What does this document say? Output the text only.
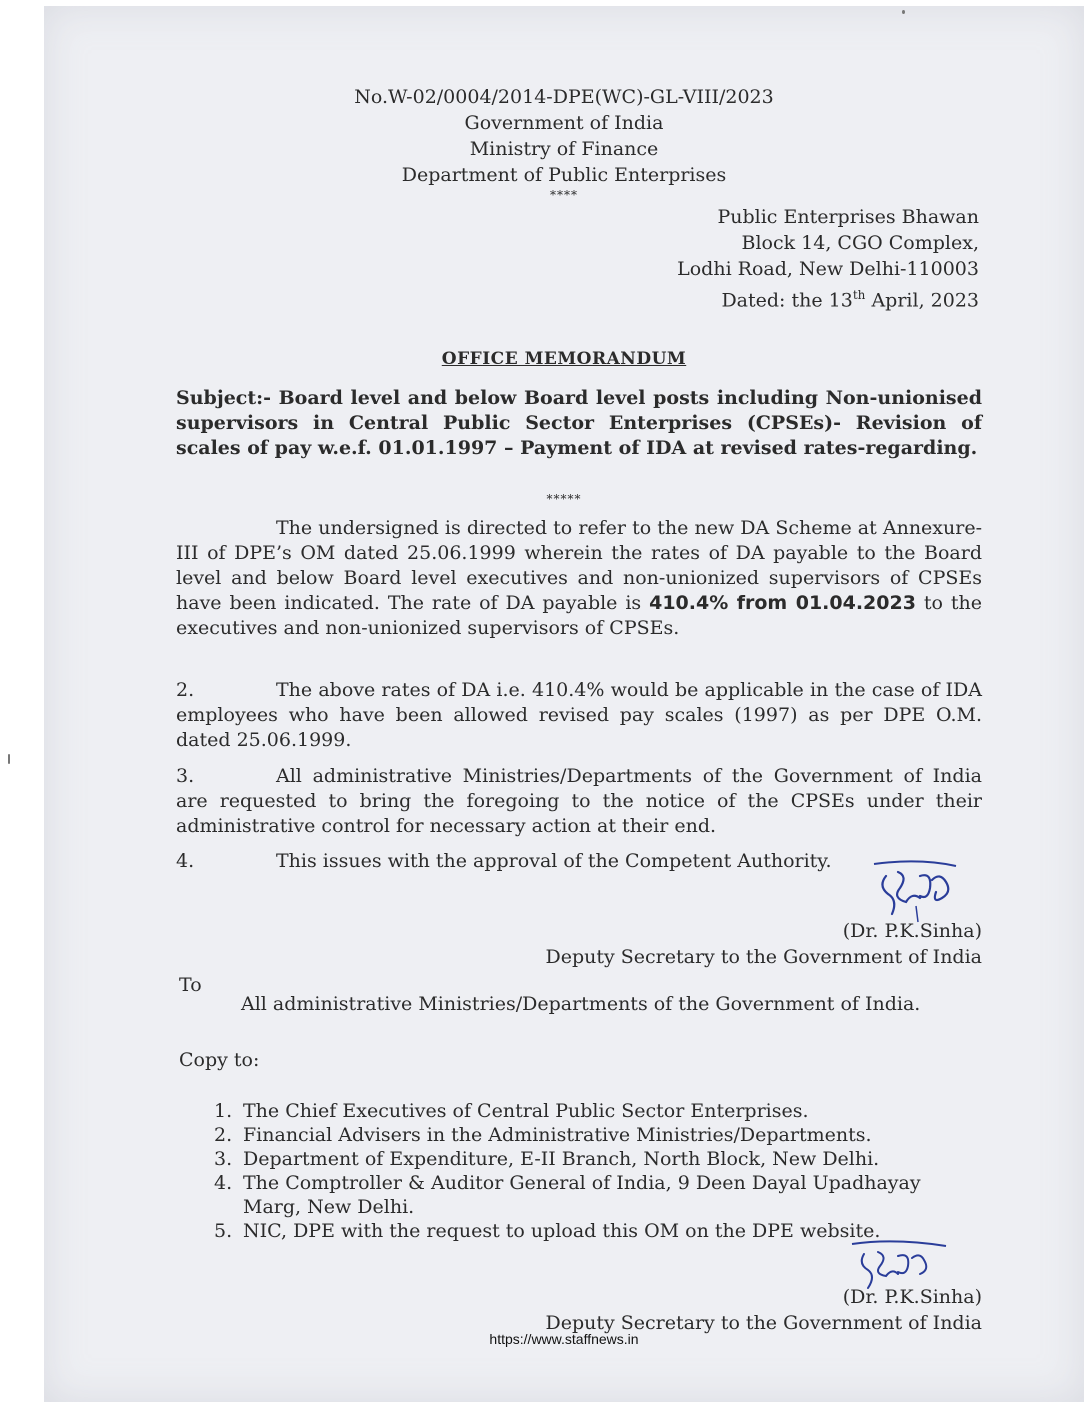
No.W-02/0004/2014-DPE(WC)-GL-VIII/2023
Government of India
Ministry of Finance
Department of Public Enterprises
****
Public Enterprises Bhawan
Block 14, CGO Complex,
Lodhi Road, New Delhi-110003
Dated: the 13th April, 2023
OFFICE MEMORANDUM
Subject:- Board level and below Board level posts including Non-unionised supervisors in Central Public Sector Enterprises (CPSEs)- Revision of scales of pay w.e.f. 01.01.1997 – Payment of IDA at revised rates-regarding.
*****
The undersigned is directed to refer to the new DA Scheme at Annexure-III of DPE’s OM dated 25.06.1999 wherein the rates of DA payable to the Board level and below Board level executives and non-unionized supervisors of CPSEs have been indicated. The rate of DA payable is 410.4% from 01.04.2023 to the executives and non-unionized supervisors of CPSEs.
2.	The above rates of DA i.e. 410.4% would be applicable in the case of IDA employees who have been allowed revised pay scales (1997) as per DPE O.M. dated 25.06.1999.
3.	All administrative Ministries/Departments of the Government of India are requested to bring the foregoing to the notice of the CPSEs under their administrative control for necessary action at their end.
4.	This issues with the approval of the Competent Authority.
(Dr. P.K.Sinha)
Deputy Secretary to the Government of India
To
All administrative Ministries/Departments of the Government of India.
Copy to:
1. The Chief Executives of Central Public Sector Enterprises.
2. Financial Advisers in the Administrative Ministries/Departments.
3. Department of Expenditure, E-II Branch, North Block, New Delhi.
4. The Comptroller & Auditor General of India, 9 Deen Dayal Upadhayay Marg, New Delhi.
5. NIC, DPE with the request to upload this OM on the DPE website.
(Dr. P.K.Sinha)
Deputy Secretary to the Government of India
https://www.staffnews.in
